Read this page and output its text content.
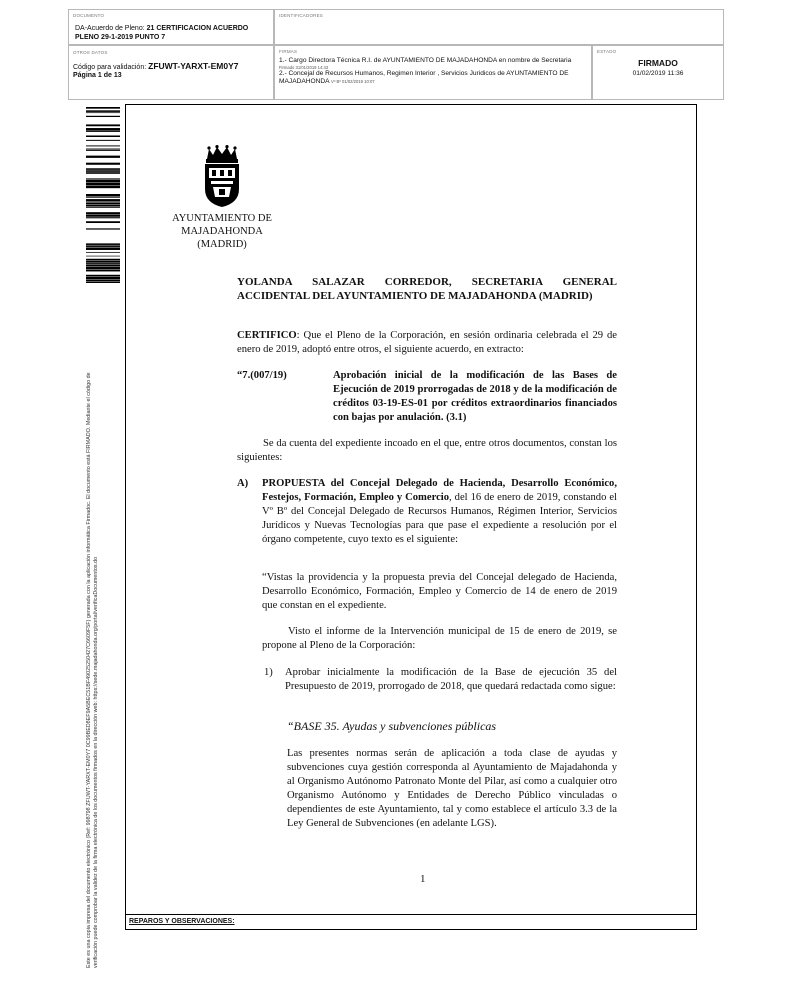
DOCUMENTO
DA-Acuerdo de Pleno: 21 CERTIFICACION ACUERDO PLENO 29-1-2019 PUNTO 7
IDENTIFICADORES
OTROS DATOS
Código para validación: ZFUWT-YARXT-EM0Y7
Página 1 de 13
FIRMAS
1.- Cargo Directora Técnica R.I. de AYUNTAMIENTO DE MAJADAHONDA en nombre de Secretaria
Firmado 31/01/2019 14:43
2.- Concejal de Recursos Humanos, Regimen Interior , Servicios Juridicos de AYUNTAMIENTO DE MAJADAHONDA Vº Bº 01/02/2019 10:07
ESTADO
FIRMADO
01/02/2019 11:36
Este es una copia impresa del documento electrónico (Ref: 998798 ZFUWT-YARXT-EM0Y7 0C99BED8EF9A5BEC51BF49025250427C6609F5F) generada con la aplicación informática Firmadoc. El documento está FIRMADO. Mediante el código de verificación puede comprobar la validez de la firma electrónica de los documentos firmados en la dirección web: https://sede.majadahonda.org/portal/verificaDocumentos.do
AYUNTAMIENTO DE
MAJADAHONDA
(MADRID)
YOLANDA SALAZAR CORREDOR, SECRETARIA GENERAL ACCIDENTAL DEL AYUNTAMIENTO DE MAJADAHONDA (MADRID)
CERTIFICO: Que el Pleno de la Corporación, en sesión ordinaria celebrada el 29 de enero de 2019, adoptó entre otros, el siguiente acuerdo, en extracto:
“7.(007/19)	Aprobación inicial de la modificación de las Bases de Ejecución de 2019 prorrogadas de 2018 y de la modificación de créditos 03-19-ES-01 por créditos extraordinarios financiados con bajas por anulación. (3.1)
Se da cuenta del expediente incoado en el que, entre otros documentos, constan los siguientes:
A) PROPUESTA del Concejal Delegado de Hacienda, Desarrollo Económico, Festejos, Formación, Empleo y Comercio, del 16 de enero de 2019, constando el Vº Bº del Concejal Delegado de Recursos Humanos, Régimen Interior, Servicios Jurídicos y Nuevas Tecnologías para que pase el expediente a resolución por el órgano competente, cuyo texto es el siguiente:
“Vistas la providencia y la propuesta previa del Concejal delegado de Hacienda, Desarrollo Económico, Formación, Empleo y Comercio de 14 de enero de 2019 que constan en el expediente.
Visto el informe de la Intervención municipal de 15 de enero de 2019, se propone al Pleno de la Corporación:
1) Aprobar inicialmente la modificación de la Base de ejecución 35 del Presupuesto de 2019, prorrogado de 2018, que quedará redactada como sigue:
“BASE 35. Ayudas y subvenciones públicas
Las presentes normas serán de aplicación a toda clase de ayudas y subvenciones cuya gestión corresponda al Ayuntamiento de Majadahonda y al Organismo Autónomo Patronato Monte del Pilar, así como a cualquier otro Organismo Autónomo y Entidades de Derecho Público vinculadas o dependientes de este Ayuntamiento, tal y como establece el artículo 3.3 de la Ley General de Subvenciones (en adelante LGS).
1
REPAROS Y OBSERVACIONES:
